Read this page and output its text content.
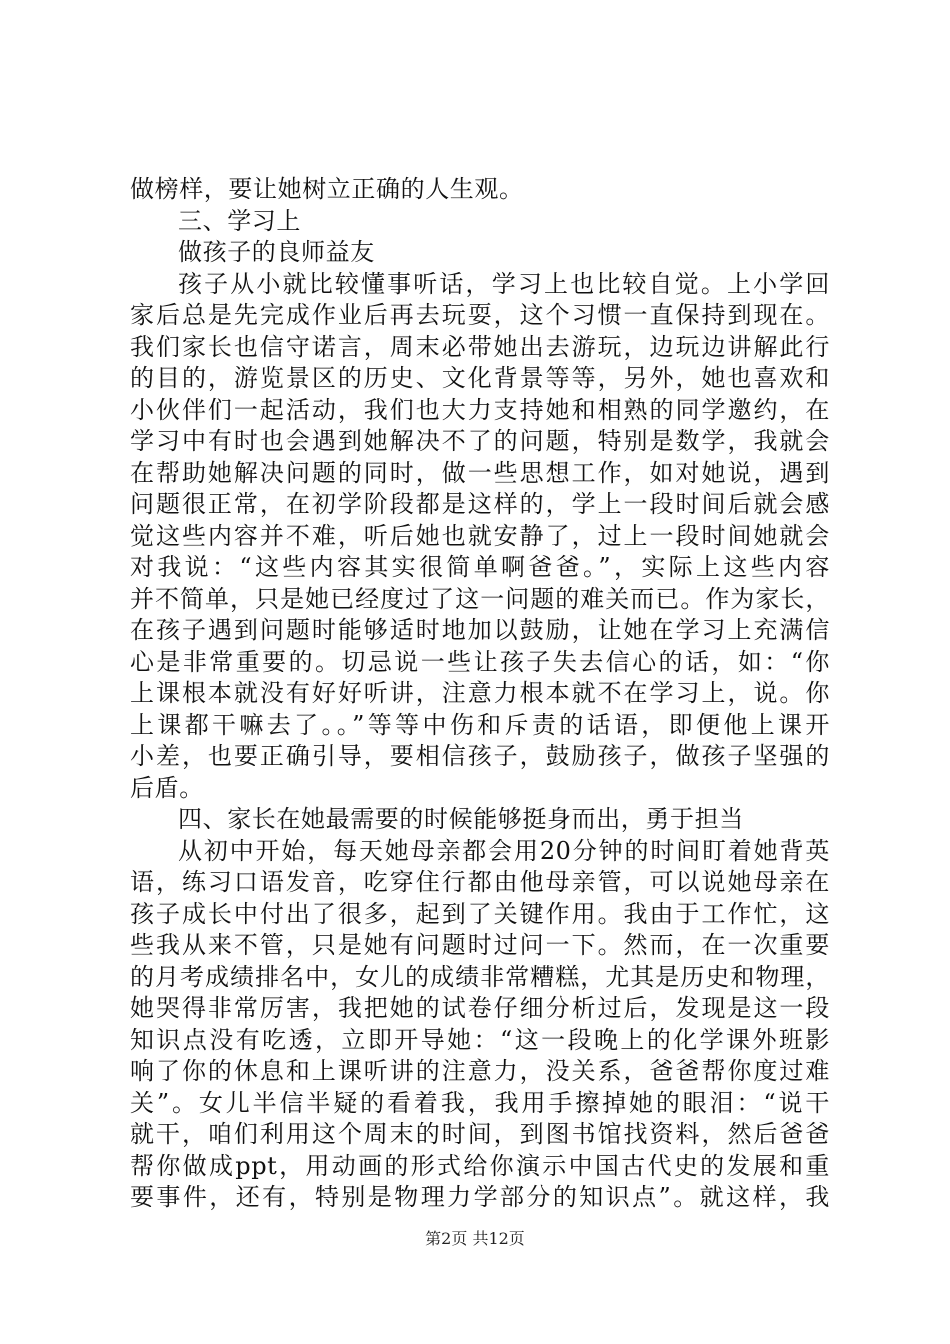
做榜样，要让她树立正确的人生观。
三、学习上
做孩子的良师益友
孩子从小就比较懂事听话，学习上也比较自觉。上小学回
家后总是先完成作业后再去玩耍，这个习惯一直保持到现在。
我们家长也信守诺言，周末必带她出去游玩，边玩边讲解此行
的目的，游览景区的历史、文化背景等等，另外，她也喜欢和
小伙伴们一起活动，我们也大力支持她和相熟的同学邀约，在
学习中有时也会遇到她解决不了的问题，特别是数学，我就会
在帮助她解决问题的同时，做一些思想工作，如对她说，遇到
问题很正常，在初学阶段都是这样的，学上一段时间后就会感
觉这些内容并不难，听后她也就安静了，过上一段时间她就会
对我说：“这些内容其实很简单啊爸爸。”，实际上这些内容
并不简单，只是她已经度过了这一问题的难关而已。作为家长，
在孩子遇到问题时能够适时地加以鼓励，让她在学习上充满信
心是非常重要的。切忌说一些让孩子失去信心的话，如：“你
上课根本就没有好好听讲，注意力根本就不在学习上，说。你
上课都干嘛去了。。”等等中伤和斥责的话语，即便他上课开
小差，也要正确引导，要相信孩子，鼓励孩子，做孩子坚强的
后盾。
四、家长在她最需要的时候能够挺身而出，勇于担当
从初中开始，每天她母亲都会用20分钟的时间盯着她背英
语，练习口语发音，吃穿住行都由他母亲管，可以说她母亲在
孩子成长中付出了很多，起到了关键作用。我由于工作忙，这
些我从来不管，只是她有问题时过问一下。然而，在一次重要
的月考成绩排名中，女儿的成绩非常糟糕，尤其是历史和物理，
她哭得非常厉害，我把她的试卷仔细分析过后，发现是这一段
知识点没有吃透，立即开导她：“这一段晚上的化学课外班影
响了你的休息和上课听讲的注意力，没关系，爸爸帮你度过难
关”。女儿半信半疑的看着我，我用手擦掉她的眼泪：“说干
就干，咱们利用这个周末的时间，到图书馆找资料，然后爸爸
帮你做成ppt，用动画的形式给你演示中国古代史的发展和重
要事件，还有，特别是物理力学部分的知识点”。就这样，我
第2页 共12页
